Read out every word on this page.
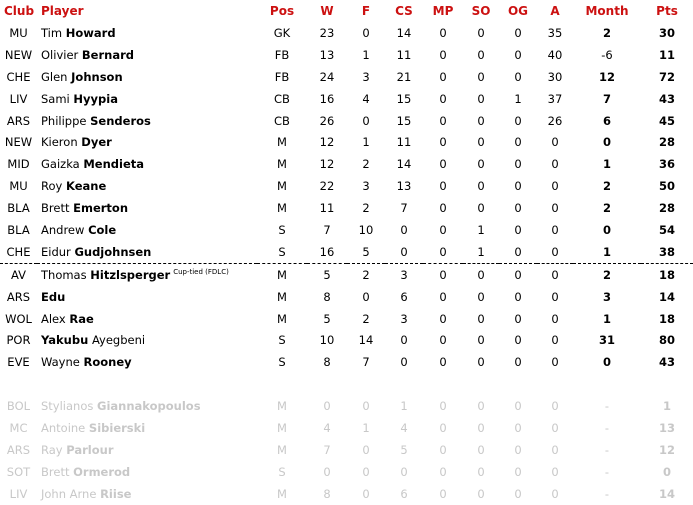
Club	Player	Pos	W	F	CS	MP	SO	OG	A	Month	Pts
MU	Tim Howard	GK	23	0	14	0	0	0	35	2	30
NEW	Olivier Bernard	FB	13	1	11	0	0	0	40	-6	11
CHE	Glen Johnson	FB	24	3	21	0	0	0	30	12	72
LIV	Sami Hyypia	CB	16	4	15	0	0	1	37	7	43
ARS	Philippe Senderos	CB	26	0	15	0	0	0	26	6	45
NEW	Kieron Dyer	M	12	1	11	0	0	0	0	0	28
MID	Gaizka Mendieta	M	12	2	14	0	0	0	0	1	36
MU	Roy Keane	M	22	3	13	0	0	0	0	2	50
BLA	Brett Emerton	M	11	2	7	0	0	0	0	2	28
BLA	Andrew Cole	S	7	10	0	0	1	0	0	0	54
CHE	Eidur Gudjohnsen	S	16	5	0	0	1	0	0	1	38
AV	Thomas Hitzlsperger $^{Cup-tied (FDLC)}$	M	5	2	3	0	0	0	0	2	18
ARS	Edu	M	8	0	6	0	0	0	0	3	14
WOL	Alex Rae	M	5	2	3	0	0	0	0	1	18
POR	Yakubu Ayegbeni	S	10	14	0	0	0	0	0	31	80
EVE	Wayne Rooney	S	8	7	0	0	0	0	0	0	43

BOL	Stylianos Giannakopoulos	M	0	0	1	0	0	0	0	-	1
MC	Antoine Sibierski	M	4	1	4	0	0	0	0	-	13
ARS	Ray Parlour	M	7	0	5	0	0	0	0	-	12
SOT	Brett Ormerod	S	0	0	0	0	0	0	0	-	0
LIV	John Arne Riise	M	8	0	6	0	0	0	0	-	14
